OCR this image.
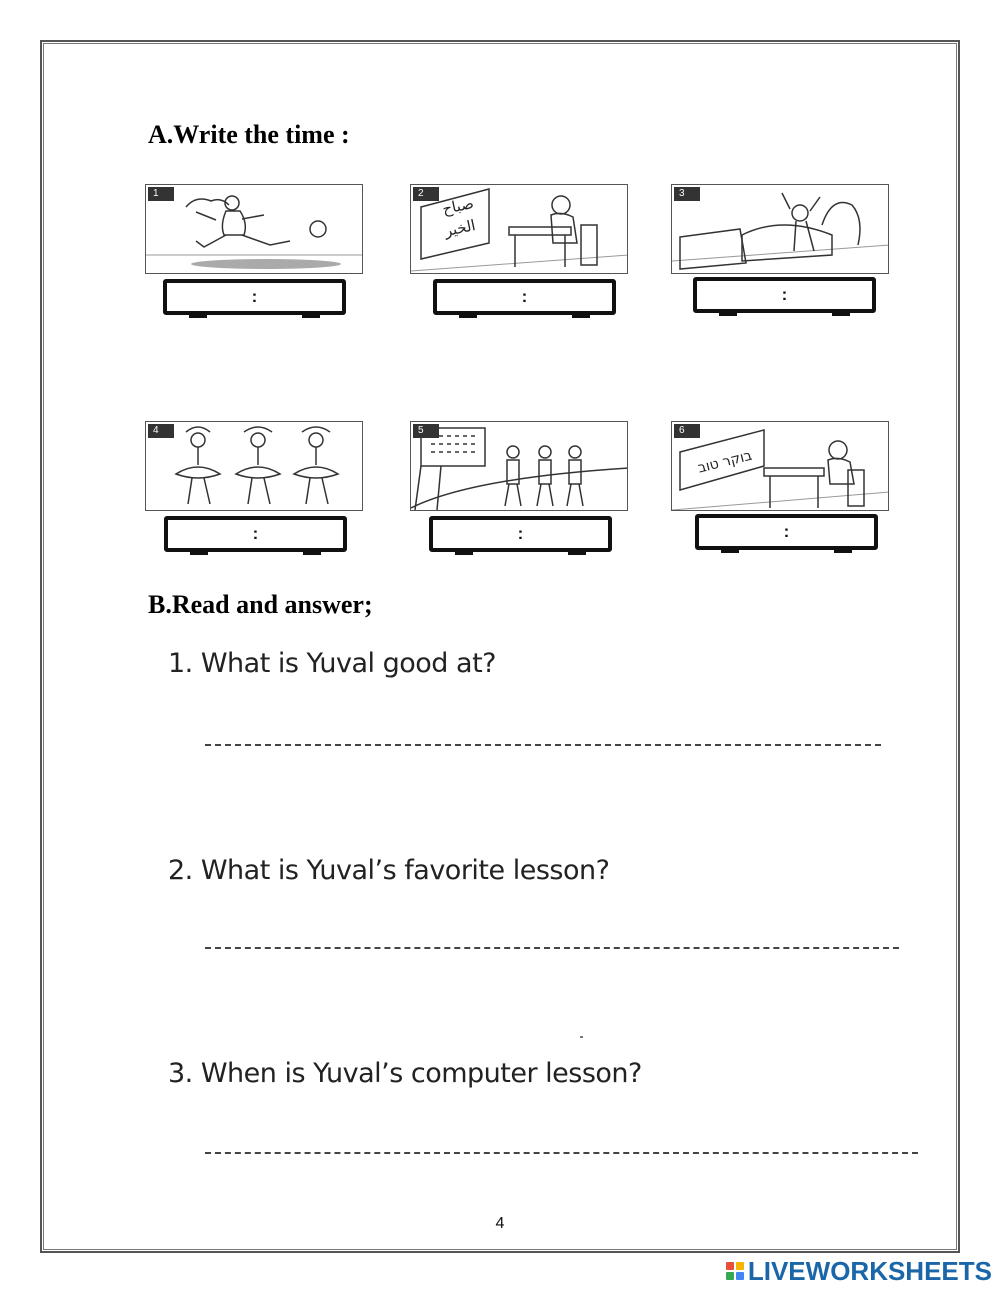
A.Write the time :
1
:
صباح
الخير
2
:
3
:
4
:
5
:
בוקר טוב
6
:
B.Read and answer;
1. What is Yuval good at?
2. What is Yuval’s favorite lesson?
3. When is Yuval’s computer lesson?
4
LIVEWORKSHEETS
